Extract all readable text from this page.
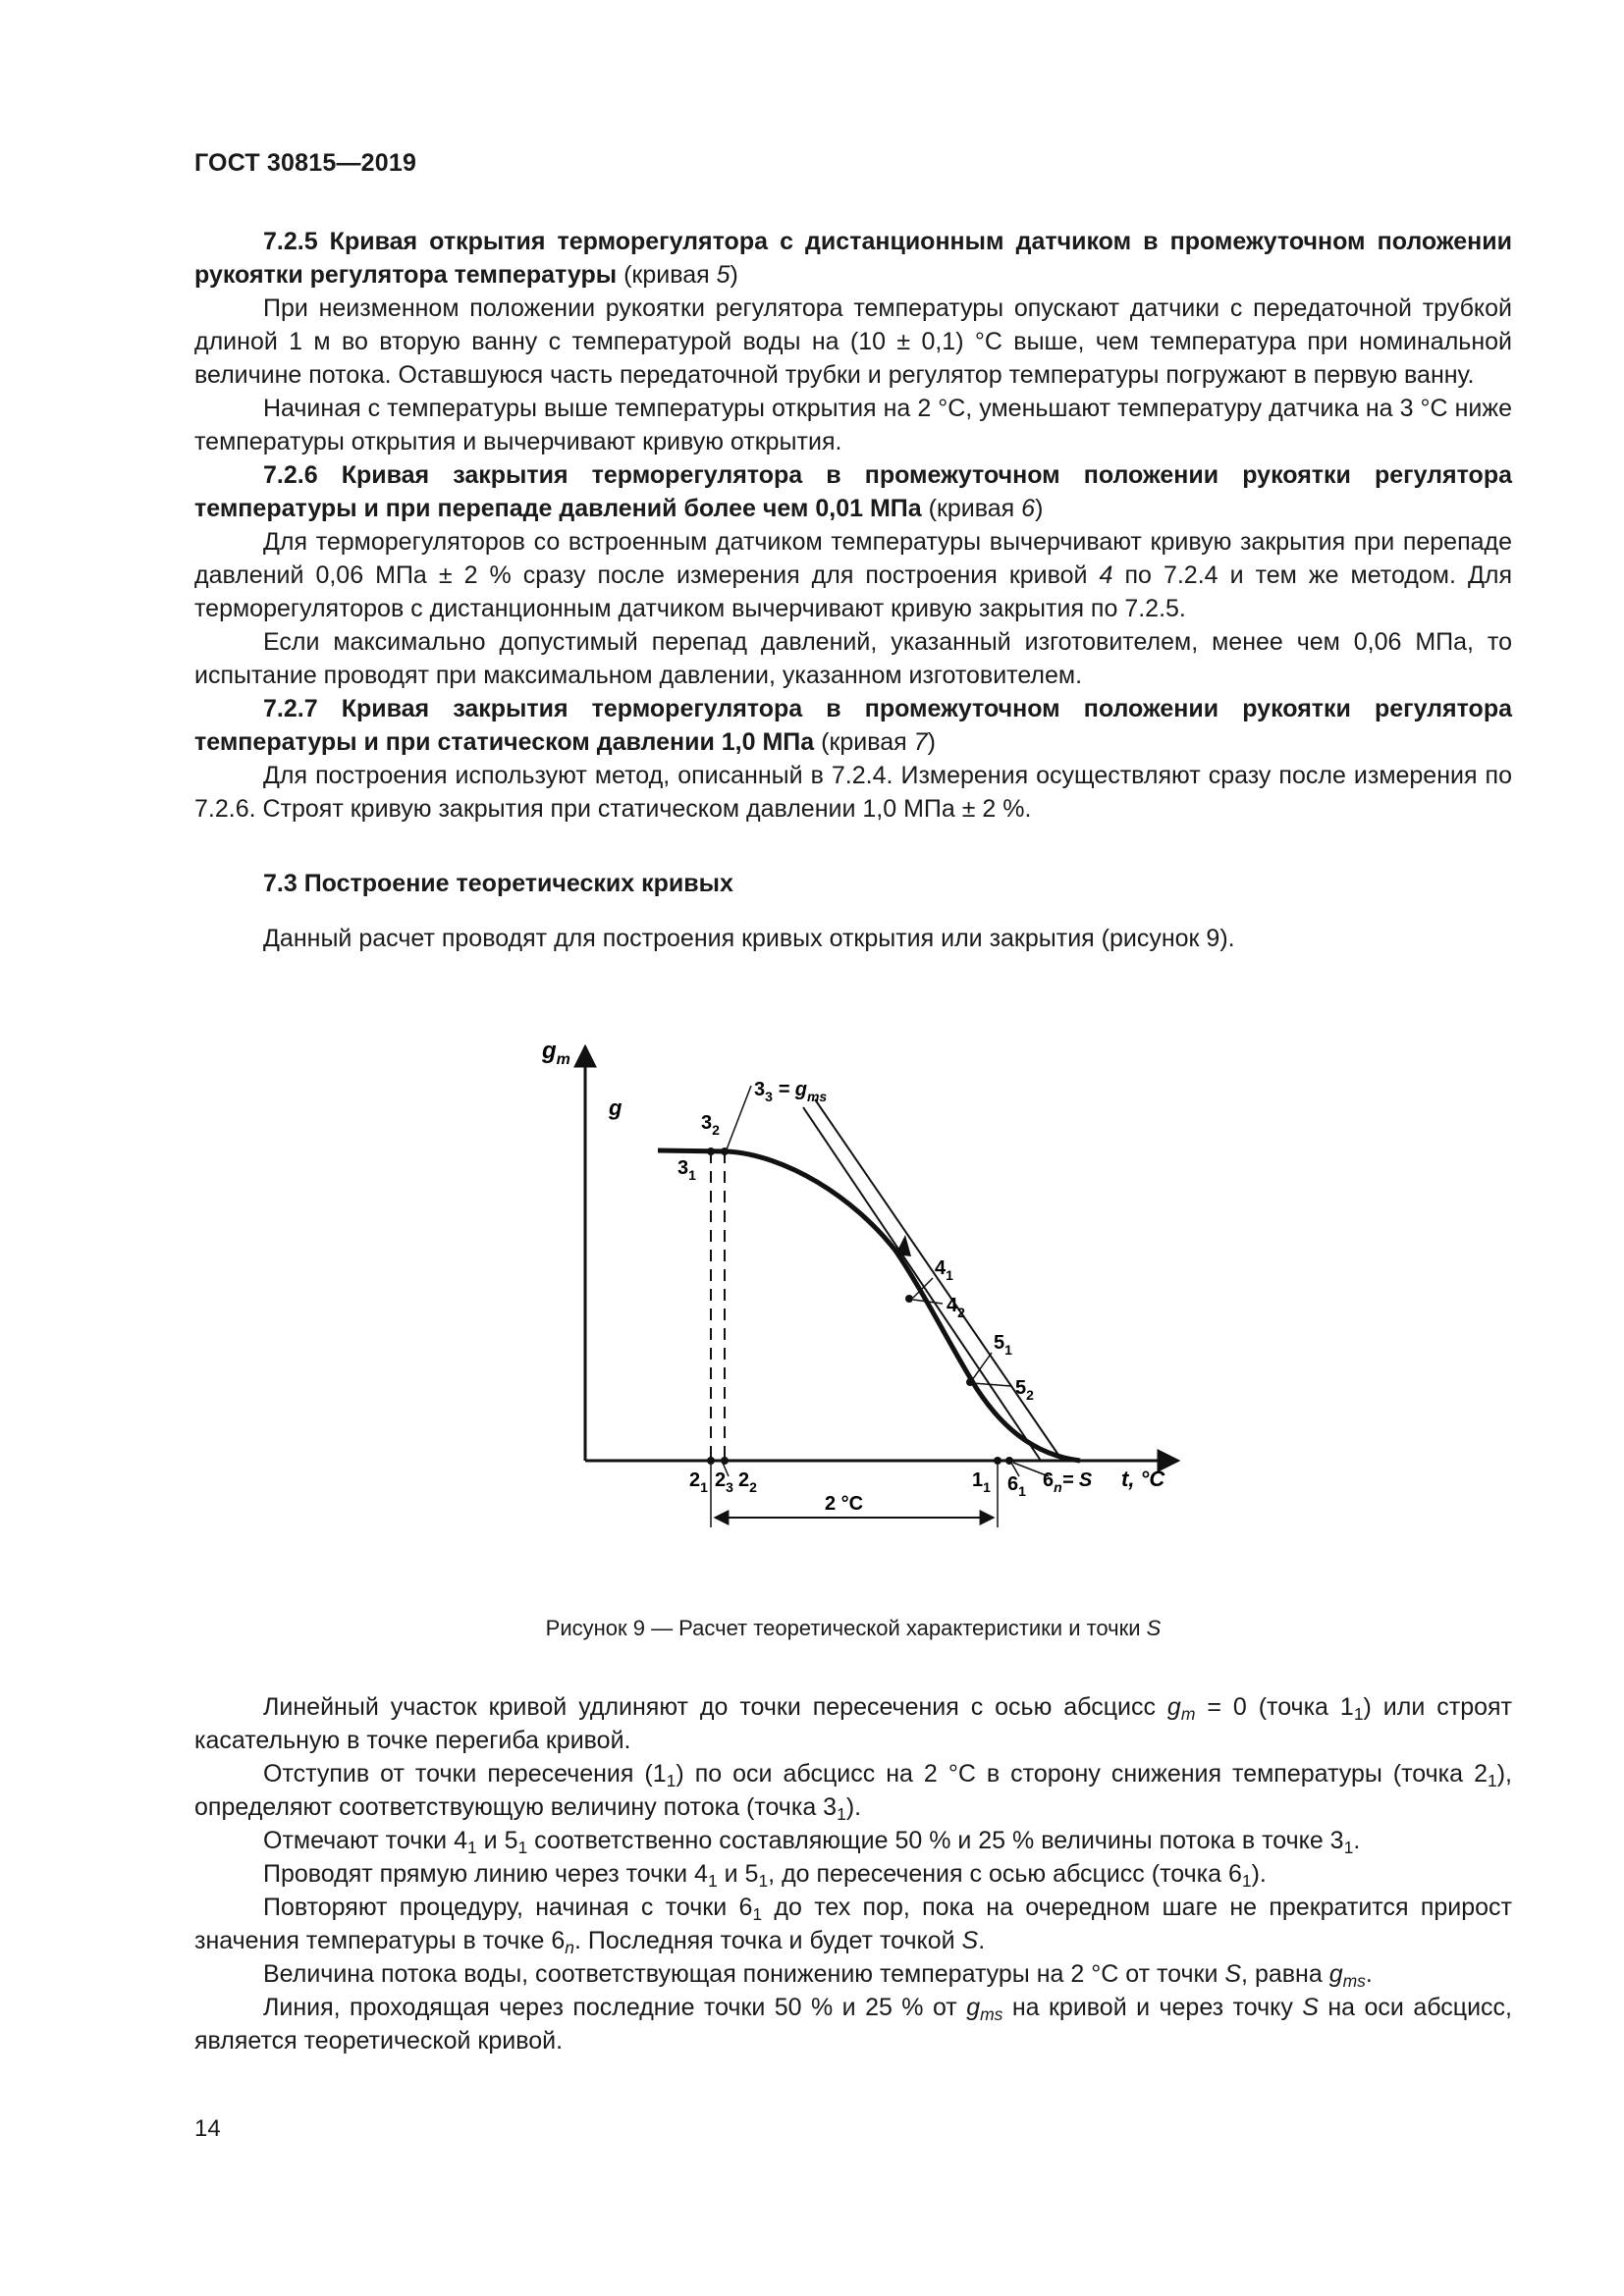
ГОСТ 30815—2019

7.2.5 Кривая открытия терморегулятора с дистанционным датчиком в промежуточном положении рукоятки регулятора температуры (кривая 5)

При неизменном положении рукоятки регулятора температуры опускают датчики с передаточной трубкой длиной 1 м во вторую ванну с температурой воды на (10 ± 0,1) °С выше, чем температура при номинальной величине потока. Оставшуюся часть передаточной трубки и регулятор температуры погружают в первую ванну.

Начиная с температуры выше температуры открытия на 2 °С, уменьшают температуру датчика на 3 °С ниже температуры открытия и вычерчивают кривую открытия.

7.2.6 Кривая закрытия терморегулятора в промежуточном положении рукоятки регулятора температуры и при перепаде давлений более чем 0,01 МПа (кривая 6)

Для терморегуляторов со встроенным датчиком температуры вычерчивают кривую закрытия при перепаде давлений 0,06 МПа ± 2 % сразу после измерения для построения кривой 4 по 7.2.4 и тем же методом. Для терморегуляторов с дистанционным датчиком вычерчивают кривую закрытия по 7.2.5.

Если максимально допустимый перепад давлений, указанный изготовителем, менее чем 0,06 МПа, то испытание проводят при максимальном давлении, указанном изготовителем.

7.2.7 Кривая закрытия терморегулятора в промежуточном положении рукоятки регулятора температуры и при статическом давлении 1,0 МПа (кривая 7)

Для построения используют метод, описанный в 7.2.4. Измерения осуществляют сразу после измерения по 7.2.6. Строят кривую закрытия при статическом давлении 1,0 МПа ± 2 %.

7.3 Построение теоретических кривых

Данный расчет проводят для построения кривых открытия или закрытия (рисунок 9).

$g_m$
g
$3_3 = g_{ms}$
$3_2$
$3_1$
$4_1$
$4_2$
$5_1$
$5_2$
$2_1$ $2_3$ $2_2$	$1_1$ $6_1$ $6_n= S$ t, °C
2 °C
Рисунок 9 — Расчет теоретической характеристики и точки S

Линейный участок кривой удлиняют до точки пересечения с осью абсцисс $g_m = 0$ (точка $1_1$) или строят касательную в точке перегиба кривой.

Отступив от точки пересечения $(1_1)$ по оси абсцисс на 2 °С в сторону снижения температуры (точка $2_1$), определяют соответствующую величину потока (точка $3_1$).

Отмечают точки $4_1$ и $5_1$ соответственно составляющие 50 % и 25 % величины потока в точке $3_1$.

Проводят прямую линию через точки $4_1$ и $5_1$, до пересечения с осью абсцисс (точка $6_1$).

Повторяют процедуру, начиная с точки $6_1$ до тех пор, пока на очередном шаге не прекратится прирост значения температуры в точке $6_n$. Последняя точка и будет точкой S.

Величина потока воды, соответствующая понижению температуры на 2 °С от точки S, равна $g_{ms}$.

Линия, проходящая через последние точки 50 % и 25 % от $g_{ms}$ на кривой и через точку S на оси абсцисс, является теоретической кривой.

14
